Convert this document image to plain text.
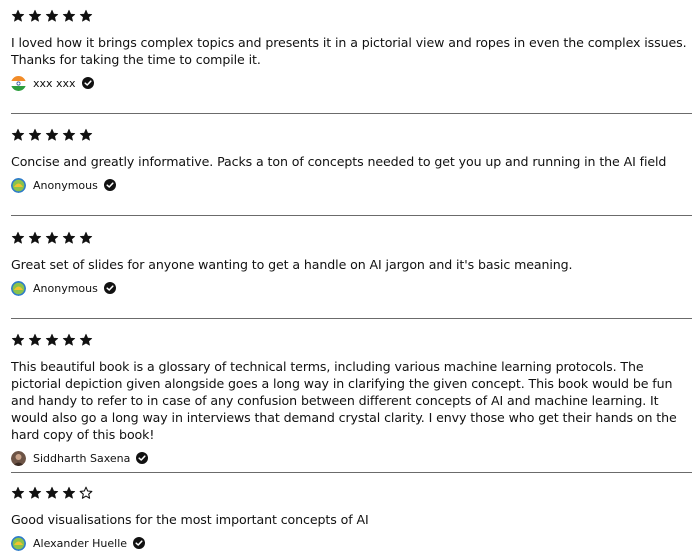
I loved how it brings complex topics and presents it in a pictorial view and ropes in even the complex issues. Thanks for taking the time to compile it.
xxx xxx
Concise and greatly informative. Packs a ton of concepts needed to get you up and running in the AI field
Anonymous
Great set of slides for anyone wanting to get a handle on AI jargon and it's basic meaning.
Anonymous
This beautiful book is a glossary of technical terms, including various machine learning protocols. The pictorial depiction given alongside goes a long way in clarifying the given concept. This book would be fun and handy to refer to in case of any confusion between different concepts of AI and machine learning. It would also go a long way in interviews that demand crystal clarity. I envy those who get their hands on the hard copy of this book!
Siddharth Saxena
Good visualisations for the most important concepts of AI
Alexander Huelle
